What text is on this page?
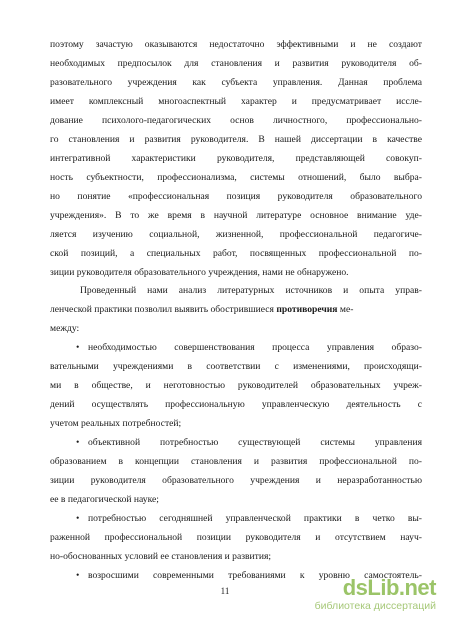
поэтому зачастую оказываются недостаточно эффективными и не создают
необходимых предпосылок для становления и развития руководителя об-
разовательного учреждения как субъекта управления. Данная проблема
имеет комплексный многоаспектный характер и предусматривает иссле-
дование психолого-педагогических основ личностного, профессионально-
го становления и развития руководителя. В нашей диссертации в качестве
интегративной характеристики руководителя, представляющей совокуп-
ность субъектности, профессионализма, системы отношений, было выбра-
но понятие «профессиональная позиция руководителя образовательного
учреждения». В то же время в научной литературе основное внимание уде-
ляется изучению социальной, жизненной, профессиональной педагогиче-
ской позиций, а специальных работ, посвященных профессиональной по-
зиции руководителя образовательного учреждения, нами не обнаружено.
Проведенный нами анализ литературных источников и опыта управ-
ленческой практики позволил выявить обострившиеся противоречия ме-
между:
• необходимостью совершенствования процесса управления образо-
вательными учреждениями в соответствии с изменениями, происходящи-
ми в обществе, и неготовностью руководителей образовательных учреж-
дений осуществлять профессиональную управленческую деятельность с
учетом реальных потребностей;
• объективной потребностью существующей системы управления
образованием в концепции становления и развития профессиональной по-
зиции руководителя образовательного учреждения и неразработанностью
ее в педагогической науке;
• потребностью сегодняшней управленческой практики в четко вы-
раженной профессиональной позиции руководителя и отсутствием науч-
но-обоснованных условий ее становления и развития;
• возросшими современными требованиями к уровню самостоятель-
11	dsLib.net
библиотека диссертаций
